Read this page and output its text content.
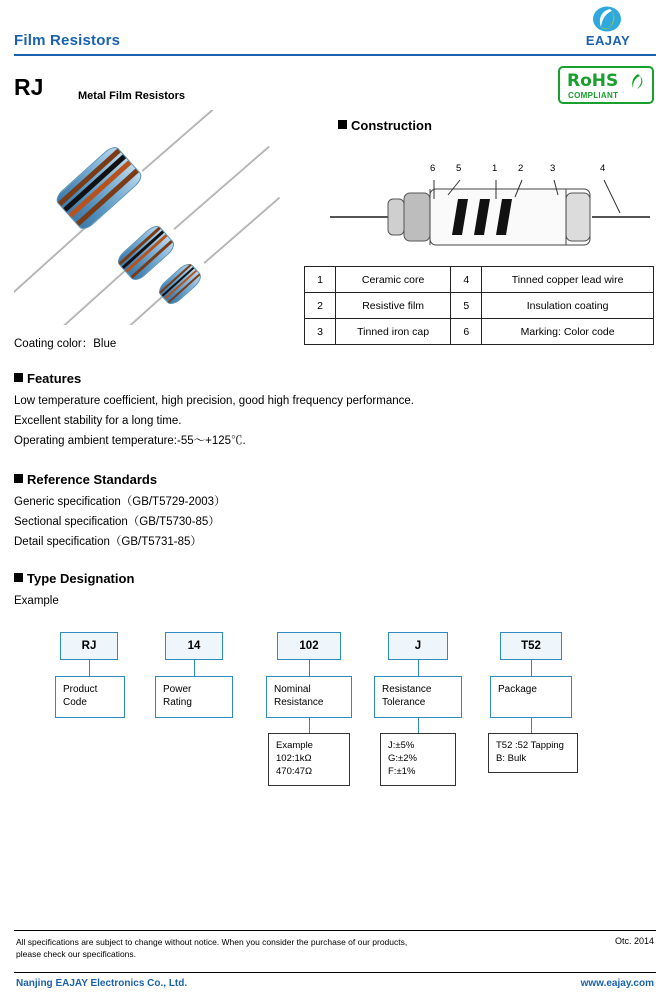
Film Resistors	EAJAY
RJ	Metal Film Resistors
RoHS
COMPLIANT
Coating color：Blue
Construction
6 5	1 2	3	4
1	Ceramic core	4	Tinned copper lead wire
2	Resistive film	5	Insulation coating
3	Tinned iron cap	6	Marking: Color code
Features
Low temperature coefficient, high precision, good high frequency performance.
Excellent stability for a long time.
Operating ambient temperature:-55～+125℃.
Reference Standards
Generic specification（GB/T5729-2003）
Sectional specification（GB/T5730-85）
Detail specification（GB/T5731-85）
Type Designation
Example
RJ	14	102	J	T52
Product
Code
Power
Rating
Nominal
Resistance
Resistance
Tolerance
Package
Example
102:1kΩ
470:47Ω
J:±5%
G:±2%
F:±1%
T52 :52 Tapping
B: Bulk
All specifications are subject to change without notice. When you consider the purchase of our products,
please check our specifications.
Otc. 2014
Nanjing EAJAY Electronics Co., Ltd.	www.eajay.com
